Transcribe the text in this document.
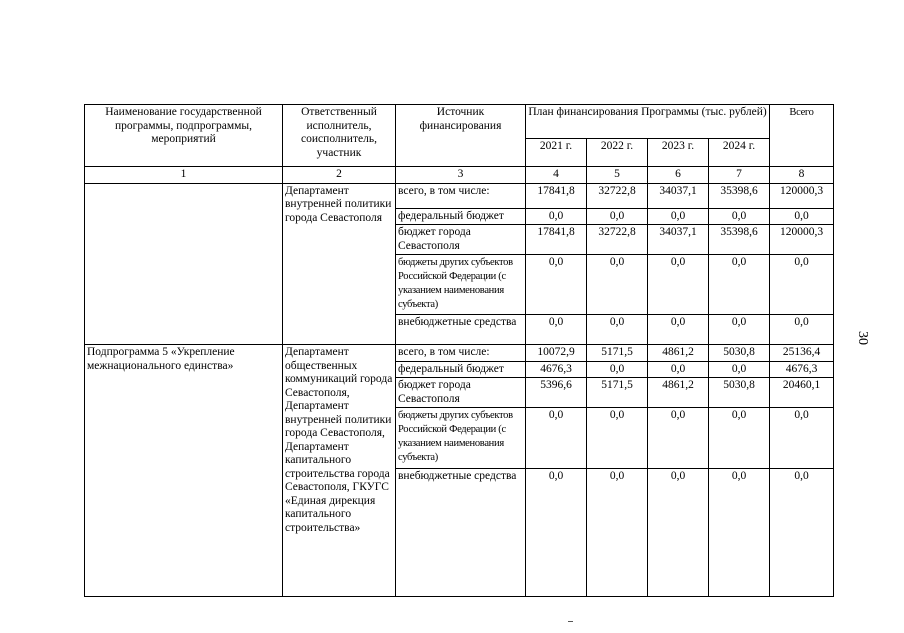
Наименование государственной программы, подпрограммы, мероприятий	Ответственный исполнитель, соисполнитель, участник	Источник финансирования	План финансирования Программы (тыс. рублей)				Всего
			2021 г.	2022 г.	2023 г.	2024 г.	
1	2	3	4	5	6	7	8
	Департамент внутренней политики города Севастополя	всего, в том числе:	17841,8	32722,8	34037,1	35398,6	120000,3
		федеральный бюджет	0,0	0,0	0,0	0,0	0,0
		бюджет города Севастополя	17841,8	32722,8	34037,1	35398,6	120000,3
		бюджеты других субъектов Российской Федерации (с указанием наименования субъекта)	0,0	0,0	0,0	0,0	0,0
		внебюджетные средства	0,0	0,0	0,0	0,0	0,0
Подпрограмма 5 «Укрепление межнационального единства»	Департамент общественных коммуникаций города Севастополя, Департамент внутренней политики города Севастополя, Департамент капитального строительства города Севастополя, ГКУГС «Единая дирекция капитального строительства»	всего, в том числе:	10072,9	5171,5	4861,2	5030,8	25136,4
		федеральный бюджет	4676,3	0,0	0,0	0,0	4676,3
		бюджет города Севастополя	5396,6	5171,5	4861,2	5030,8	20460,1
		бюджеты других субъектов Российской Федерации (с указанием наименования субъекта)	0,0	0,0	0,0	0,0	0,0
		внебюджетные средства	0,0	0,0	0,0	0,0	0,0
30
